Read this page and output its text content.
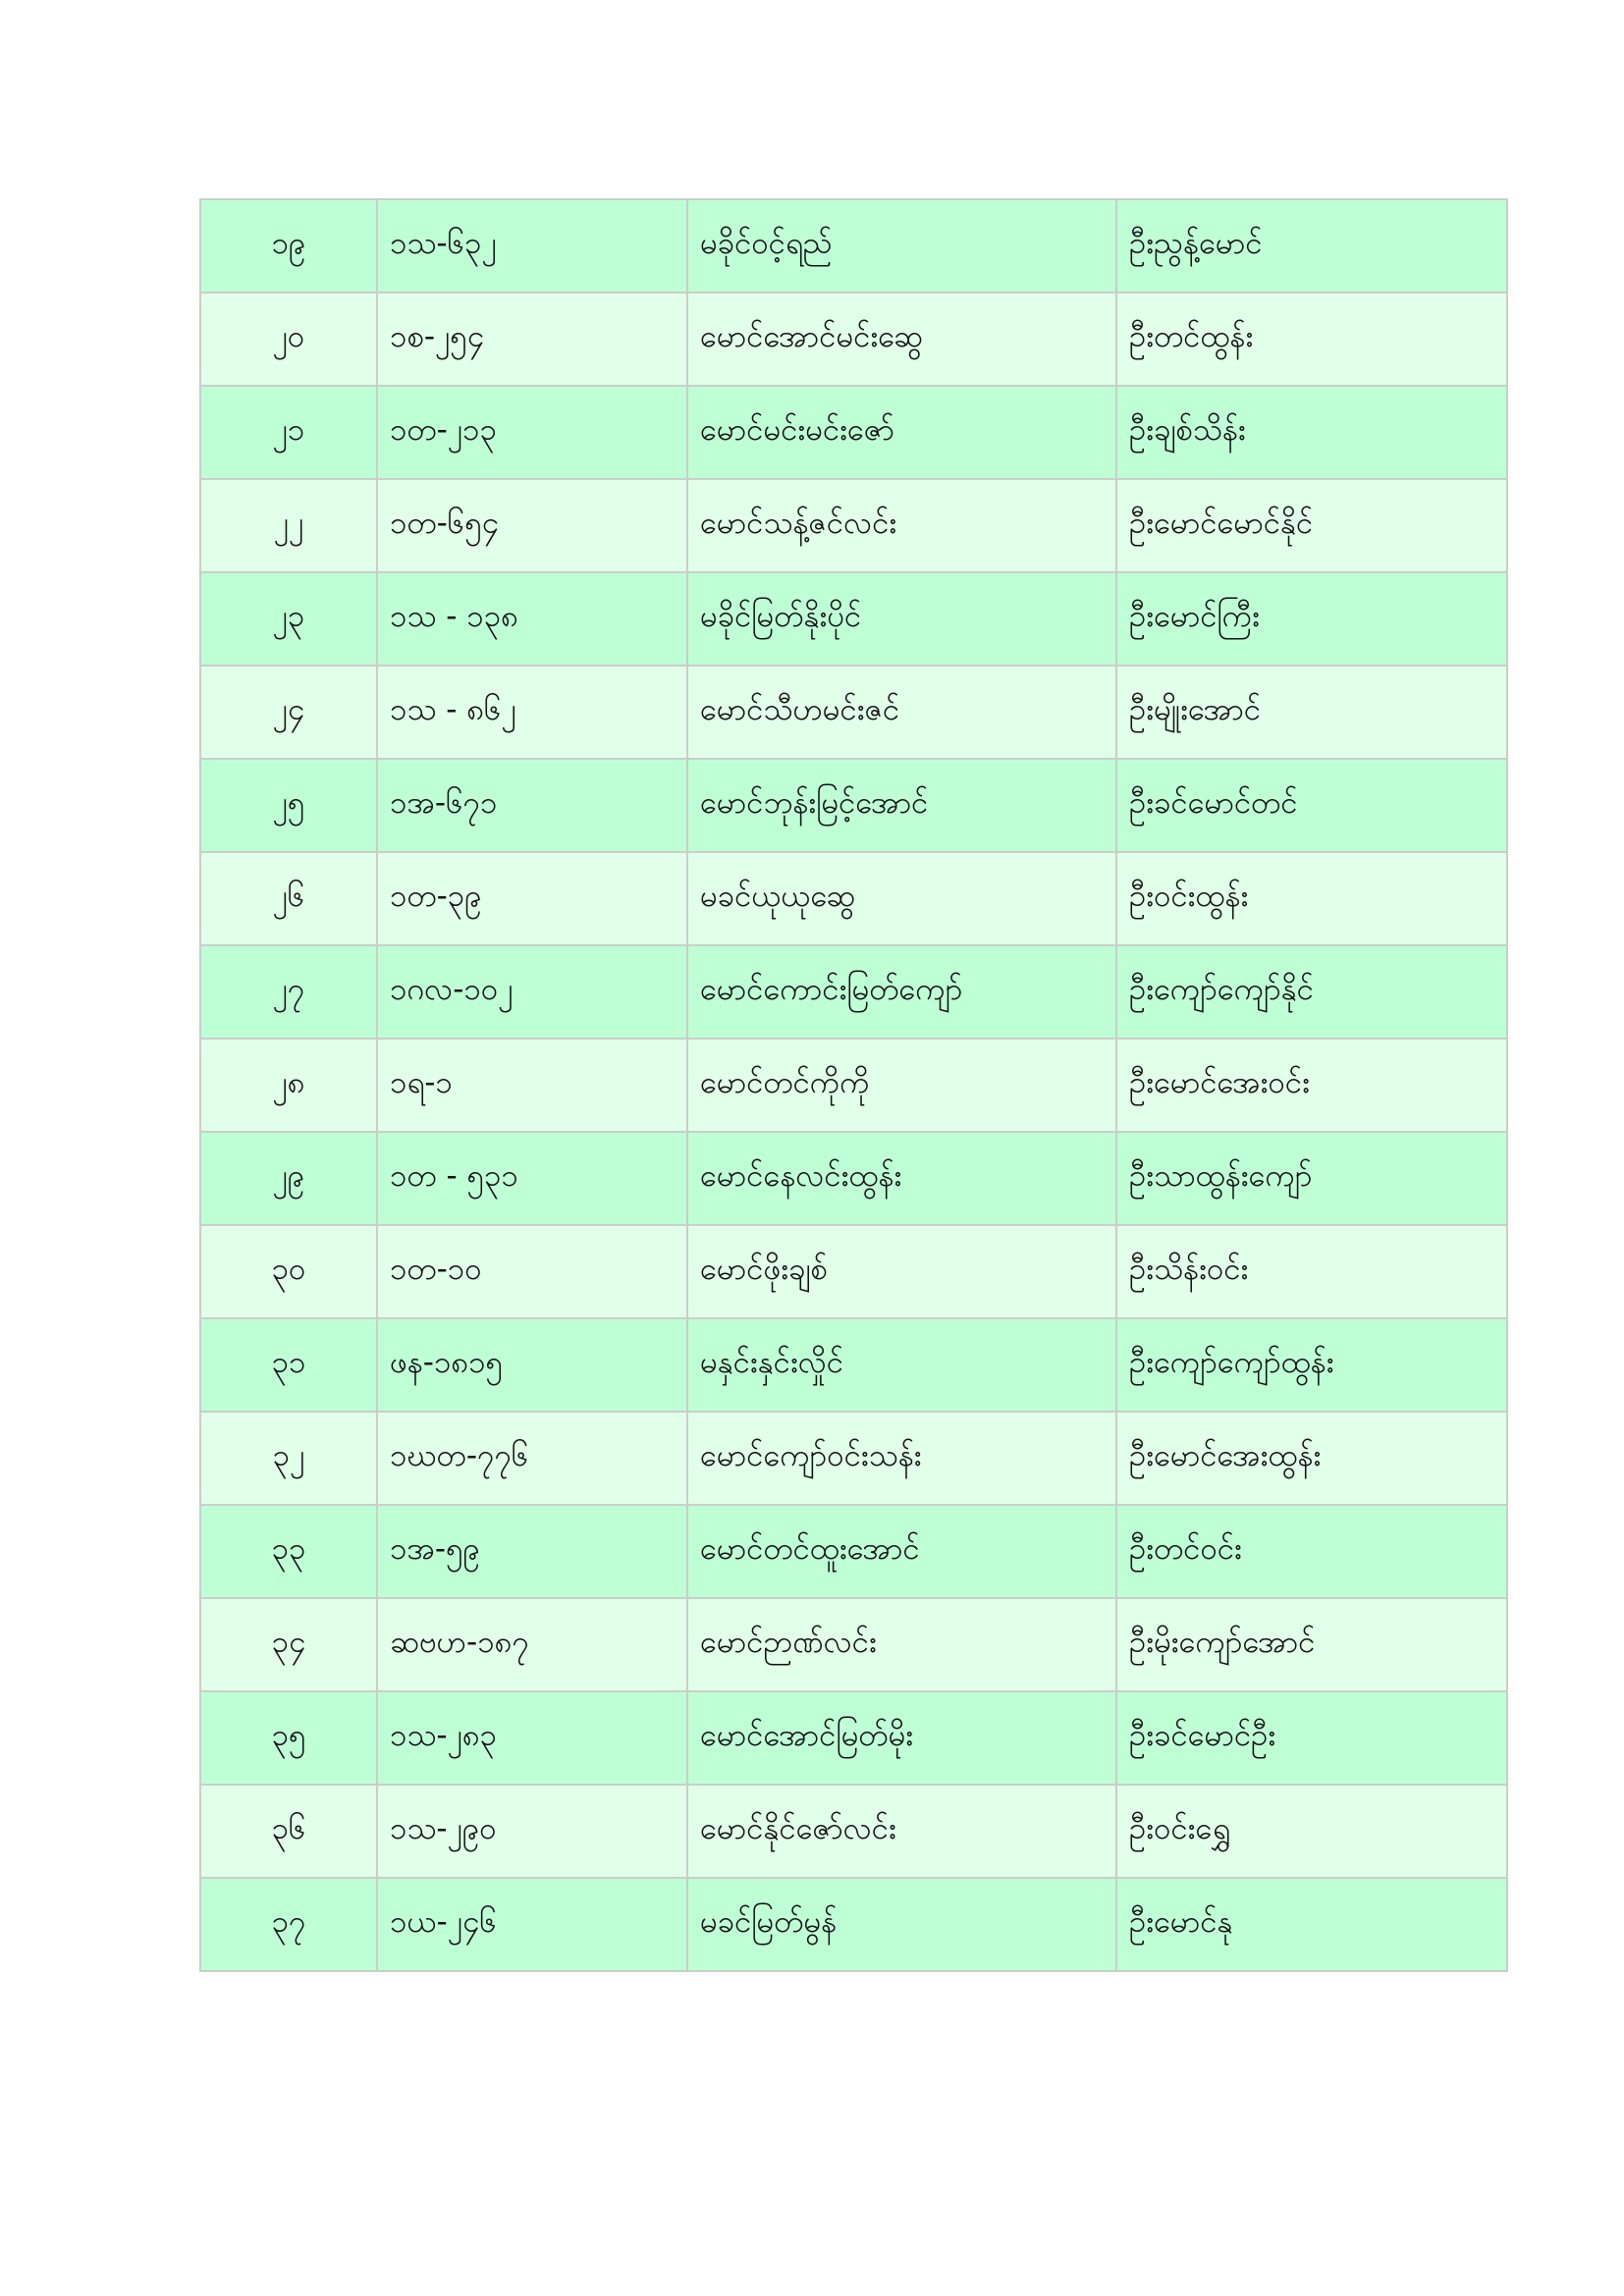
၁၉	၁သ-၆၃၂	မခိုင်ဝင့်ရည်	ဦးညွန့်မောင်
၂၀	၁စ-၂၅၄	မောင်အောင်မင်းဆွေ	ဦးတင်ထွန်း
၂၁	၁တ-၂၁၃	မောင်မင်းမင်းဇော်	ဦးချစ်သိန်း
၂၂	၁တ-၆၅၄	မောင်သန့်ဇင်လင်း	ဦးမောင်မောင်နိုင်
၂၃	၁သ - ၁၃၈	မခိုင်မြတ်နိုးပိုင်	ဦးမောင်ကြီး
၂၄	၁သ - ၈၆၂	မောင်သီဟမင်းဇင်	ဦးမျိုးအောင်
၂၅	၁အ-၆၇၁	မောင်ဘုန်းမြင့်အောင်	ဦးခင်မောင်တင်
၂၆	၁တ-၃၉	မခင်ယုယုဆွေ	ဦးဝင်းထွန်း
၂၇	၁ဂလ-၁၀၂	မောင်ကောင်းမြတ်ကျော်	ဦးကျော်ကျော်နိုင်
၂၈	၁ရ-၁	မောင်တင်ကိုကို	ဦးမောင်အေးဝင်း
၂၉	၁တ - ၅၃၁	မောင်နေလင်းထွန်း	ဦးသာထွန်းကျော်
၃၀	၁တ-၁၀	မောင်ဖိုးချစ်	ဦးသိန်းဝင်း
၃၁	ဖန-၁၈၁၅	မနှင်းနှင်းလှိုင်	ဦးကျော်ကျော်ထွန်း
၃၂	၁ဃတ-၇၇၆	မောင်ကျော်ဝင်းသန်း	ဦးမောင်အေးထွန်း
၃၃	၁အ-၅၉	မောင်တင်ထူးအောင်	ဦးတင်ဝင်း
၃၄	ဆဗဟ-၁၈၇	မောင်ဉာဏ်လင်း	ဦးမိုးကျော်အောင်
၃၅	၁သ-၂၈၃	မောင်အောင်မြတ်မိုး	ဦးခင်မောင်ဦး
၃၆	၁သ-၂၉၀	မောင်နိုင်ဇော်လင်း	ဦးဝင်းရွှေ
၃၇	၁ယ-၂၄၆	မခင်မြတ်မွန်	ဦးမောင်နု
